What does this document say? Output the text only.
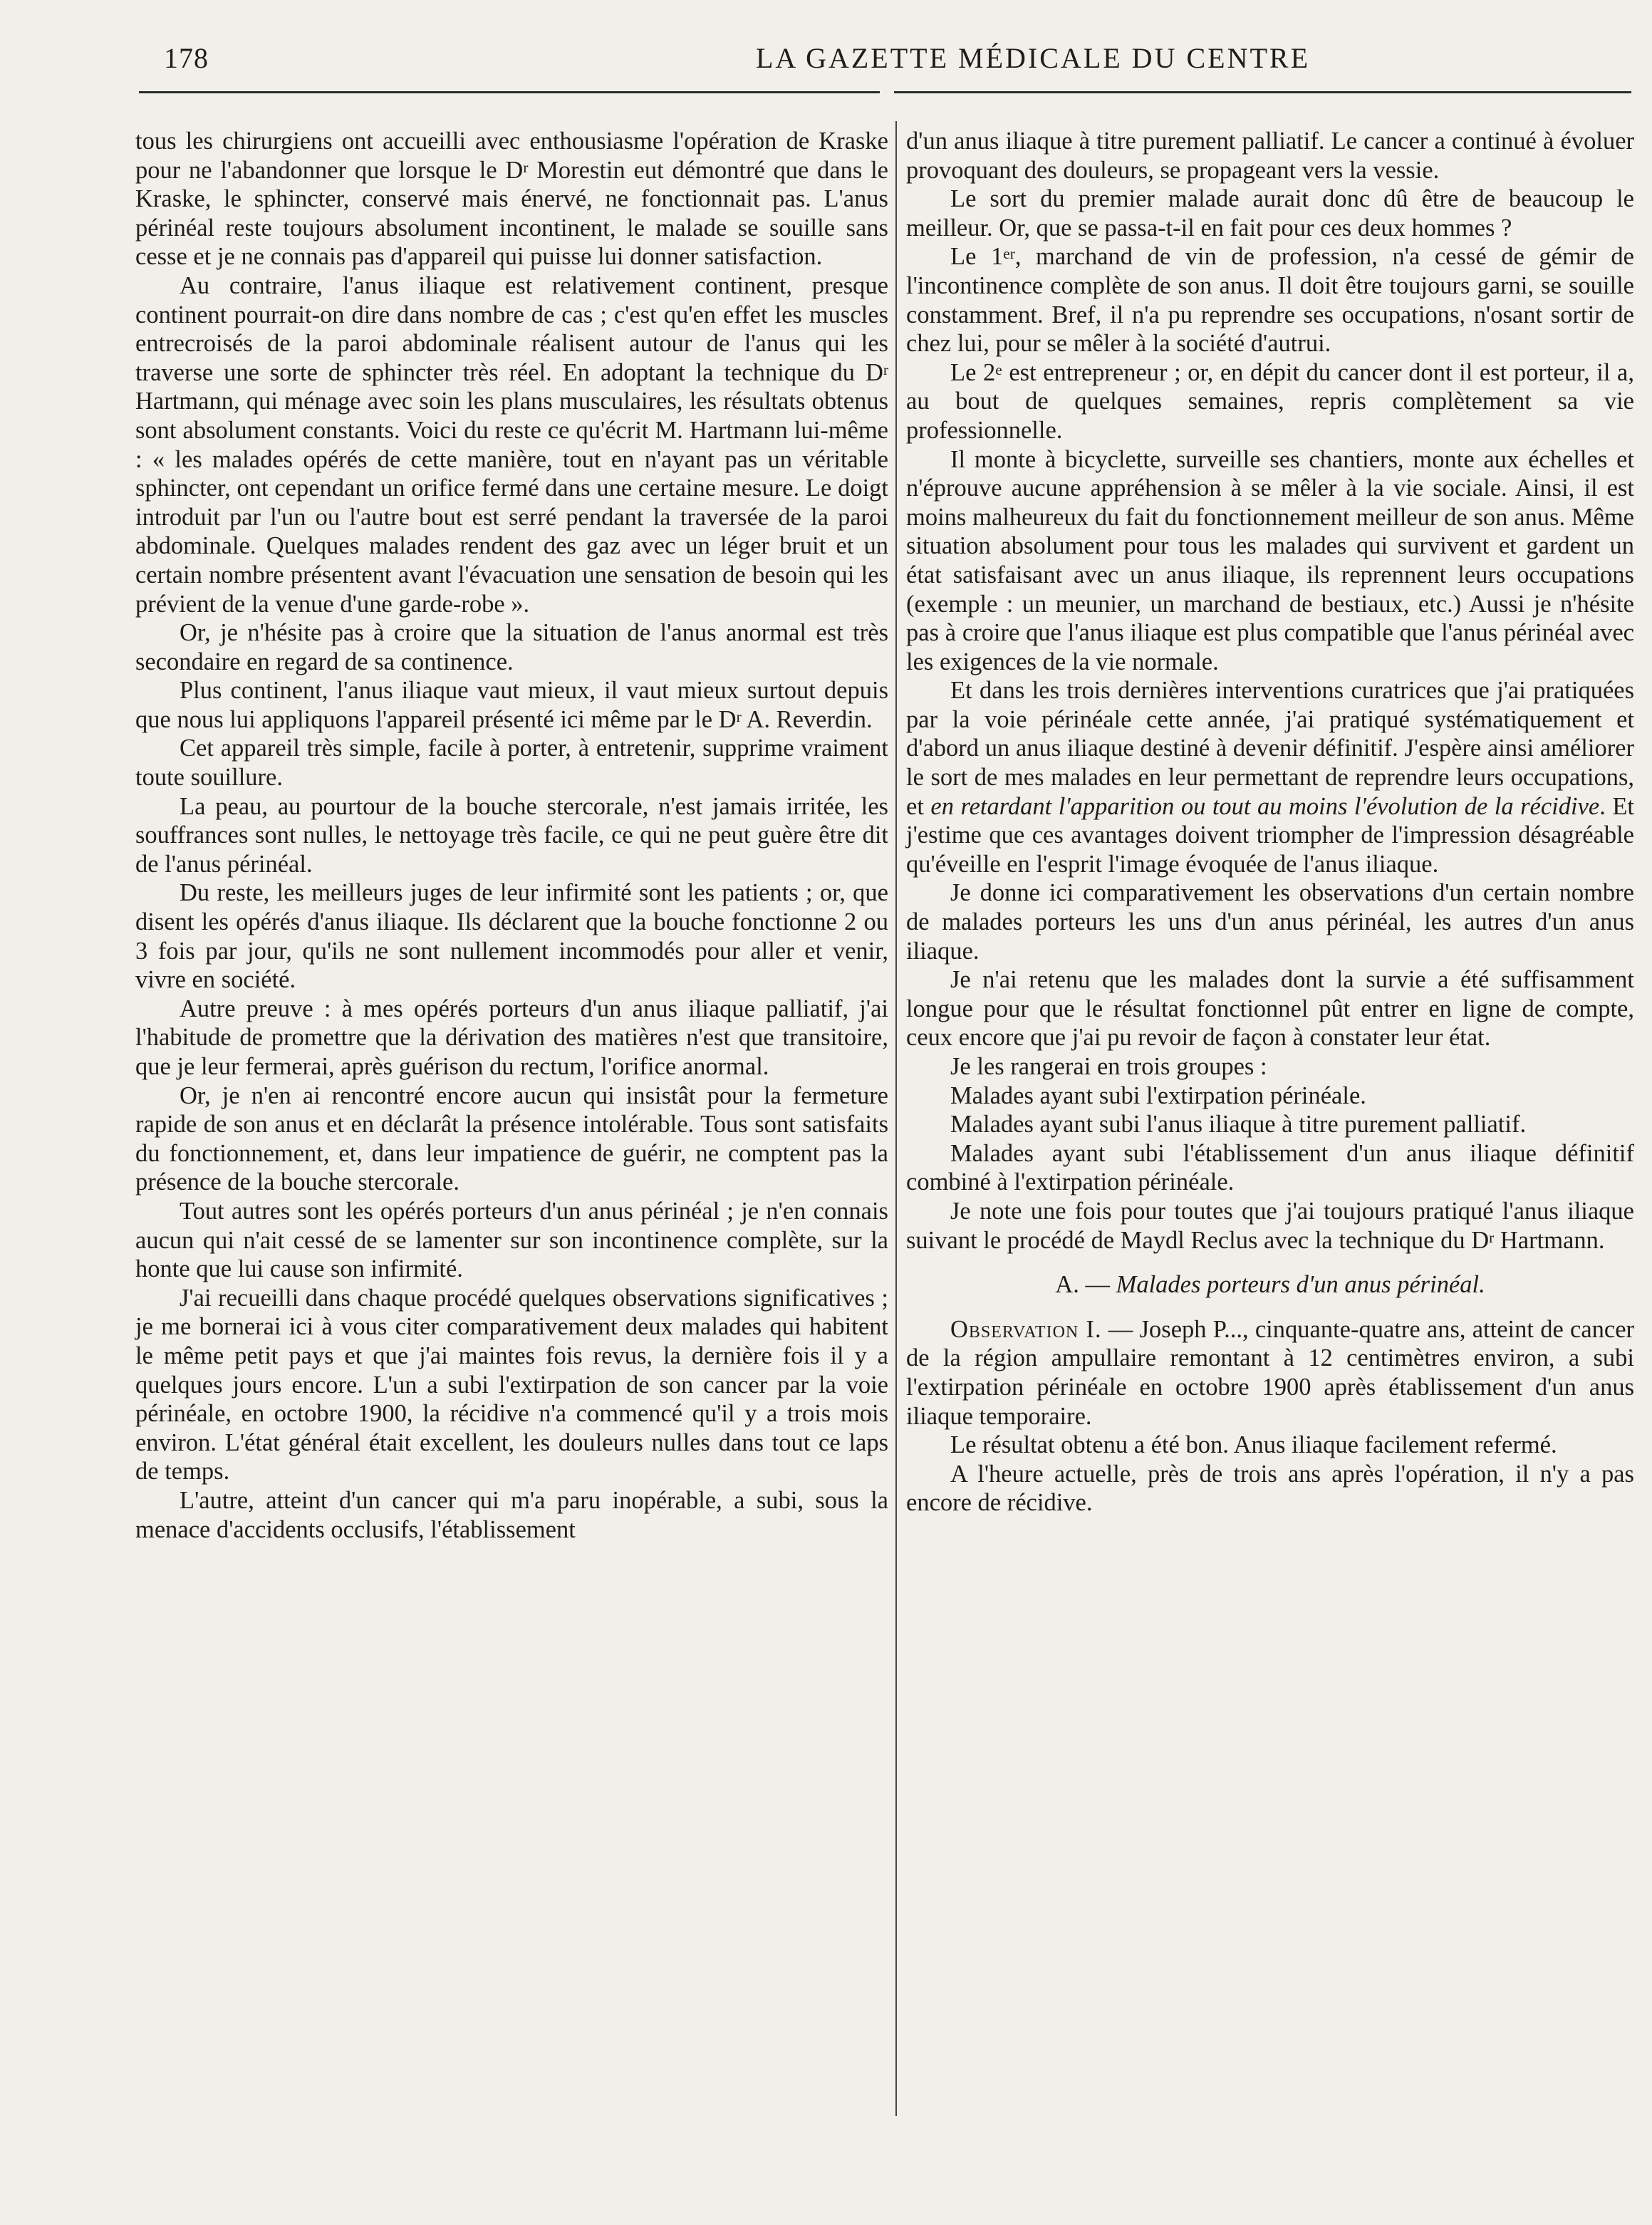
178	LA GAZETTE MÉDICALE DU CENTRE

tous les chirurgiens ont accueilli avec enthousiasme l'opération de Kraske pour ne l'abandonner que lorsque le $D^r$ Morestin eut démontré que dans le Kraske, le sphincter, conservé mais énervé, ne fonctionnait pas. L'anus périnéal reste toujours absolument incontinent, le malade se souille sans cesse et je ne connais pas d'appareil qui puisse lui donner satisfaction.

Au contraire, l'anus iliaque est relativement continent, presque continent pourrait-on dire dans nombre de cas ; c'est qu'en effet les muscles entrecroisés de la paroi abdominale réalisent autour de l'anus qui les traverse une sorte de sphincter très réel. En adoptant la technique du $D^r$ Hartmann, qui ménage avec soin les plans musculaires, les résultats obtenus sont absolument constants. Voici du reste ce qu'écrit M. Hartmann lui-même : « les malades opérés de cette manière, tout en n'ayant pas un véritable sphincter, ont cependant un orifice fermé dans une certaine mesure. Le doigt introduit par l'un ou l'autre bout est serré pendant la traversée de la paroi abdominale. Quelques malades rendent des gaz avec un léger bruit et un certain nombre présentent avant l'évacuation une sensation de besoin qui les prévient de la venue d'une garde-robe ».

Or, je n'hésite pas à croire que la situation de l'anus anormal est très secondaire en regard de sa continence.

Plus continent, l'anus iliaque vaut mieux, il vaut mieux surtout depuis que nous lui appliquons l'appareil présenté ici même par le $D^r$ A. Reverdin.

Cet appareil très simple, facile à porter, à entretenir, supprime vraiment toute souillure.

La peau, au pourtour de la bouche stercorale, n'est jamais irritée, les souffrances sont nulles, le nettoyage très facile, ce qui ne peut guère être dit de l'anus périnéal.

Du reste, les meilleurs juges de leur infirmité sont les patients ; or, que disent les opérés d'anus iliaque. Ils déclarent que la bouche fonctionne 2 ou 3 fois par jour, qu'ils ne sont nullement incommodés pour aller et venir, vivre en société.

Autre preuve : à mes opérés porteurs d'un anus iliaque palliatif, j'ai l'habitude de promettre que la dérivation des matières n'est que transitoire, que je leur fermerai, après guérison du rectum, l'orifice anormal.

Or, je n'en ai rencontré encore aucun qui insistât pour la fermeture rapide de son anus et en déclarât la présence intolérable. Tous sont satisfaits du fonctionnement, et, dans leur impatience de guérir, ne comptent pas la présence de la bouche stercorale.

Tout autres sont les opérés porteurs d'un anus périnéal ; je n'en connais aucun qui n'ait cessé de se lamenter sur son incontinence complète, sur la honte que lui cause son infirmité.

J'ai recueilli dans chaque procédé quelques observations significatives ; je me bornerai ici à vous citer comparativement deux malades qui habitent le même petit pays et que j'ai maintes fois revus, la dernière fois il y a quelques jours encore. L'un a subi l'extirpation de son cancer par la voie périnéale, en octobre 1900, la récidive n'a commencé qu'il y a trois mois environ. L'état général était excellent, les douleurs nulles dans tout ce laps de temps.

L'autre, atteint d'un cancer qui m'a paru inopérable, a subi, sous la menace d'accidents occlusifs, l'établissement

d'un anus iliaque à titre purement palliatif. Le cancer a continué à évoluer provoquant des douleurs, se propageant vers la vessie.

Le sort du premier malade aurait donc dû être de beaucoup le meilleur. Or, que se passa-t-il en fait pour ces deux hommes ?

Le 1er, marchand de vin de profession, n'a cessé de gémir de l'incontinence complète de son anus. Il doit être toujours garni, se souille constamment. Bref, il n'a pu reprendre ses occupations, n'osant sortir de chez lui, pour se mêler à la société d'autrui.

Le 2e est entrepreneur ; or, en dépit du cancer dont il est porteur, il a, au bout de quelques semaines, repris complètement sa vie professionnelle.

Il monte à bicyclette, surveille ses chantiers, monte aux échelles et n'éprouve aucune appréhension à se mêler à la vie sociale. Ainsi, il est moins malheureux du fait du fonctionnement meilleur de son anus. Même situation absolument pour tous les malades qui survivent et gardent un état satisfaisant avec un anus iliaque, ils reprennent leurs occupations (exemple : un meunier, un marchand de bestiaux, etc.) Aussi je n'hésite pas à croire que l'anus iliaque est plus compatible que l'anus périnéal avec les exigences de la vie normale.

Et dans les trois dernières interventions curatrices que j'ai pratiquées par la voie périnéale cette année, j'ai pratiqué systématiquement et d'abord un anus iliaque destiné à devenir définitif. J'espère ainsi améliorer le sort de mes malades en leur permettant de reprendre leurs occupations, et en retardant l'apparition ou tout au moins l'évolution de la récidive. Et j'estime que ces avantages doivent triompher de l'impression désagréable qu'éveille en l'esprit l'image évoquée de l'anus iliaque.

Je donne ici comparativement les observations d'un certain nombre de malades porteurs les uns d'un anus périnéal, les autres d'un anus iliaque.

Je n'ai retenu que les malades dont la survie a été suffisamment longue pour que le résultat fonctionnel pût entrer en ligne de compte, ceux encore que j'ai pu revoir de façon à constater leur état.

Je les rangerai en trois groupes :

Malades ayant subi l'extirpation périnéale.

Malades ayant subi l'anus iliaque à titre purement palliatif.

Malades ayant subi l'établissement d'un anus iliaque définitif combiné à l'extirpation périnéale.

Je note une fois pour toutes que j'ai toujours pratiqué l'anus iliaque suivant le procédé de Maydl Reclus avec la technique du $D^r$ Hartmann.

A. — Malades porteurs d'un anus périnéal.

Observation I. — Joseph P..., cinquante-quatre ans, atteint de cancer de la région ampullaire remontant à 12 centimètres environ, a subi l'extirpation périnéale en octobre 1900 après établissement d'un anus iliaque temporaire.

Le résultat obtenu a été bon. Anus iliaque facilement refermé.

A l'heure actuelle, près de trois ans après l'opération, il n'y a pas encore de récidive.
